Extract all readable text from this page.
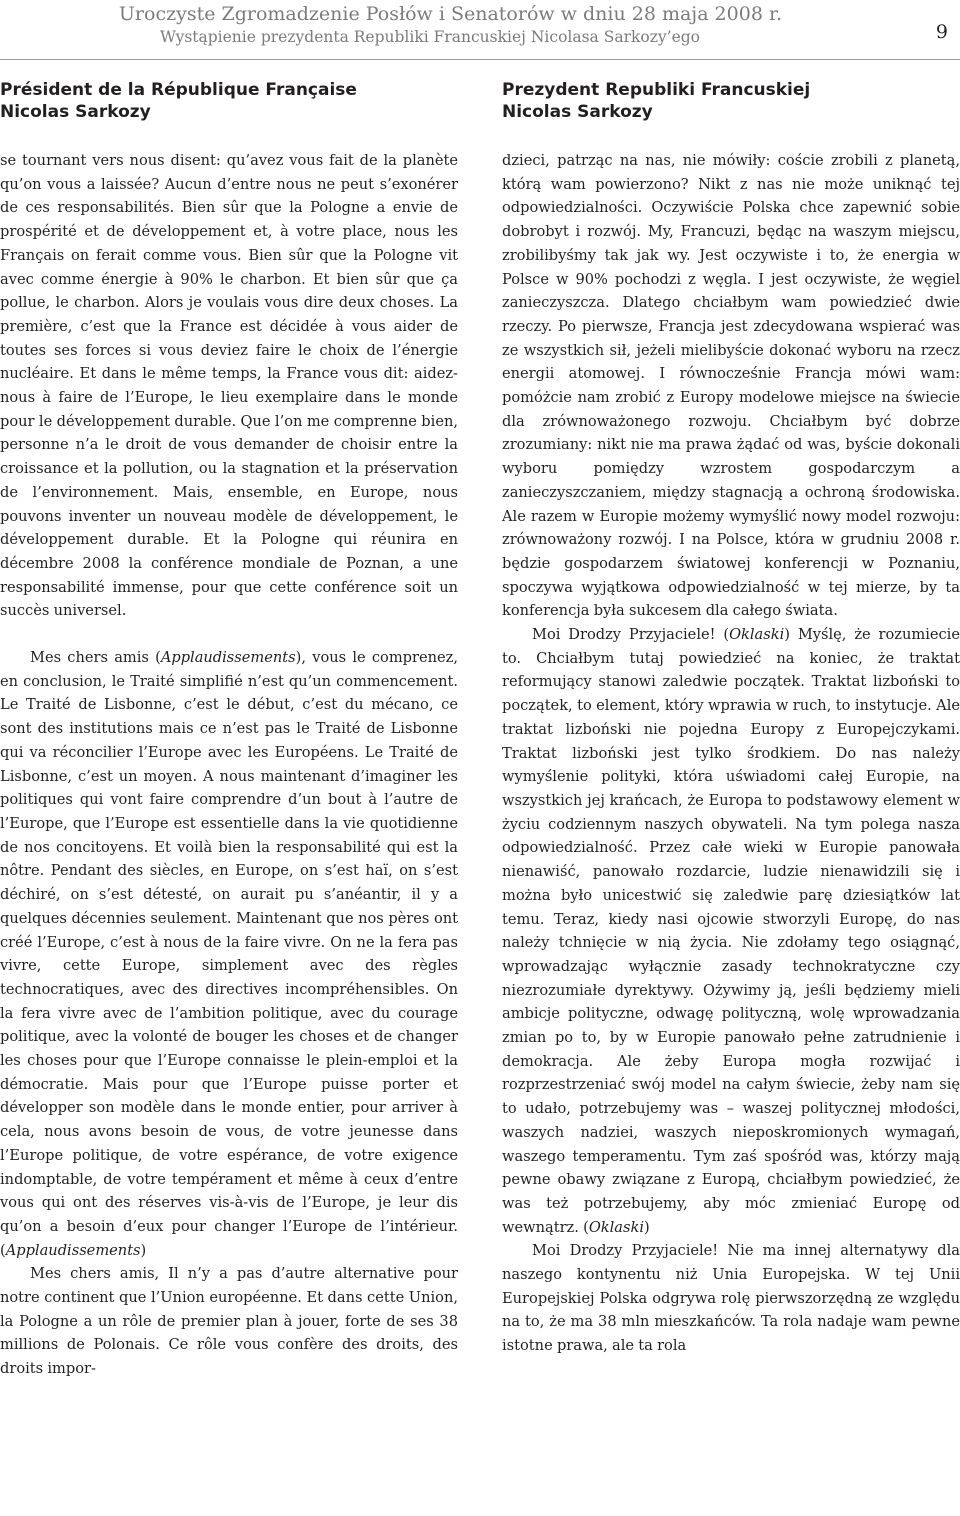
Uroczyste Zgromadzenie Posłów i Senatorów w dniu 28 maja 2008 r.
Wystąpienie prezydenta Republiki Francuskiej Nicolasa Sarkozy’ego	9
Président de la République Française
Nicolas Sarkozy

se tournant vers nous disent: qu’avez vous fait de la planète qu’on vous a laissée? Aucun d’entre nous ne peut s’exonérer de ces responsabilités. Bien sûr que la Pologne a envie de prospérité et de développement et, à votre place, nous les Français on ferait comme vous. Bien sûr que la Pologne vit avec comme énergie à 90% le charbon. Et bien sûr que ça pollue, le charbon. Alors je voulais vous dire deux choses. La première, c’est que la France est décidée à vous aider de toutes ses forces si vous deviez faire le choix de l’énergie nucléaire. Et dans le même temps, la France vous dit: aidez-nous à faire de l’Europe, le lieu exemplaire dans le monde pour le développement durable. Que l’on me comprenne bien, personne n’a le droit de vous demander de choisir entre la croissance et la pollution, ou la stagnation et la préservation de l’environnement. Mais, ensemble, en Europe, nous pouvons inventer un nouveau modèle de développement, le développement durable. Et la Pologne qui réunira en décembre 2008 la conférence mondiale de Poznan, a une responsabilité immense, pour que cette conférence soit un succès universel.

Mes chers amis (Applaudissements), vous le comprenez, en conclusion, le Traité simplifié n’est qu’un commencement. Le Traité de Lisbonne, c’est le début, c’est du mécano, ce sont des institutions mais ce n’est pas le Traité de Lisbonne qui va réconcilier l’Europe avec les Européens. Le Traité de Lisbonne, c’est un moyen. A nous maintenant d’imaginer les politiques qui vont faire comprendre d’un bout à l’autre de l’Europe, que l’Europe est essentielle dans la vie quotidienne de nos concitoyens. Et voilà bien la responsabilité qui est la nôtre. Pendant des siècles, en Europe, on s’est haï, on s’est déchiré, on s’est détesté, on aurait pu s’anéantir, il y a quelques décennies seulement. Maintenant que nos pères ont créé l’Europe, c’est à nous de la faire vivre. On ne la fera pas vivre, cette Europe, simplement avec des règles technocratiques, avec des directives incompréhensibles. On la fera vivre avec de l’ambition politique, avec du courage politique, avec la volonté de bouger les choses et de changer les choses pour que l’Europe connaisse le plein-emploi et la démocratie. Mais pour que l’Europe puisse porter et développer son modèle dans le monde entier, pour arriver à cela, nous avons besoin de vous, de votre jeunesse dans l’Europe politique, de votre espérance, de votre exigence indomptable, de votre tempérament et même à ceux d’entre vous qui ont des réserves vis-à-vis de l’Europe, je leur dis qu’on a besoin d’eux pour changer l’Europe de l’intérieur. (Applaudissements)

Mes chers amis, Il n’y a pas d’autre alternative pour notre continent que l’Union européenne. Et dans cette Union, la Pologne a un rôle de premier plan à jouer, forte de ses 38 millions de Polonais. Ce rôle vous confère des droits, des droits impor-

Prezydent Republiki Francuskiej
Nicolas Sarkozy

dzieci, patrząc na nas, nie mówiły: coście zrobili z planetą, którą wam powierzono? Nikt z nas nie może uniknąć tej odpowiedzialności. Oczywiście Polska chce zapewnić sobie dobrobyt i rozwój. My, Francuzi, będąc na waszym miejscu, zrobilibyśmy tak jak wy. Jest oczywiste i to, że energia w Polsce w 90% pochodzi z węgla. I jest oczywiste, że węgiel zanieczyszcza. Dlatego chciałbym wam powiedzieć dwie rzeczy. Po pierwsze, Francja jest zdecydowana wspierać was ze wszystkich sił, jeżeli mielibyście dokonać wyboru na rzecz energii atomowej. I równocześnie Francja mówi wam: pomóżcie nam zrobić z Europy modelowe miejsce na świecie dla zrównoważonego rozwoju. Chciałbym być dobrze zrozumiany: nikt nie ma prawa żądać od was, byście dokonali wyboru pomiędzy wzrostem gospodarczym a zanieczyszczaniem, między stagnacją a ochroną środowiska. Ale razem w Europie możemy wymyślić nowy model rozwoju: zrównoważony rozwój. I na Polsce, która w grudniu 2008 r. będzie gospodarzem światowej konferencji w Poznaniu, spoczywa wyjątkowa odpowiedzialność w tej mierze, by ta konferencja była sukcesem dla całego świata.

Moi Drodzy Przyjaciele! (Oklaski) Myślę, że rozumiecie to. Chciałbym tutaj powiedzieć na koniec, że traktat reformujący stanowi zaledwie początek. Traktat lizboński to początek, to element, który wprawia w ruch, to instytucje. Ale traktat lizboński nie pojedna Europy z Europejczykami. Traktat lizboński jest tylko środkiem. Do nas należy wymyślenie polityki, która uświadomi całej Europie, na wszystkich jej krańcach, że Europa to podstawowy element w życiu codziennym naszych obywateli. Na tym polega nasza odpowiedzialność. Przez całe wieki w Europie panowała nienawiść, panowało rozdarcie, ludzie nienawidzili się i można było unicestwić się zaledwie parę dziesiątków lat temu. Teraz, kiedy nasi ojcowie stworzyli Europę, do nas należy tchnięcie w nią życia. Nie zdołamy tego osiągnąć, wprowadzając wyłącznie zasady technokratyczne czy niezrozumiałe dyrektywy. Ożywimy ją, jeśli będziemy mieli ambicje polityczne, odwagę polityczną, wolę wprowadzania zmian po to, by w Europie panowało pełne zatrudnienie i demokracja. Ale żeby Europa mogła rozwijać i rozprzestrzeniać swój model na całym świecie, żeby nam się to udało, potrzebujemy was – waszej politycznej młodości, waszych nadziei, waszych nieposkromionych wymagań, waszego temperamentu. Tym zaś spośród was, którzy mają pewne obawy związane z Europą, chciałbym powiedzieć, że was też potrzebujemy, aby móc zmieniać Europę od wewnątrz. (Oklaski)

Moi Drodzy Przyjaciele! Nie ma innej alternatywy dla naszego kontynentu niż Unia Europejska. W tej Unii Europejskiej Polska odgrywa rolę pierwszorzędną ze względu na to, że ma 38 mln mieszkańców. Ta rola nadaje wam pewne istotne prawa, ale ta rola
